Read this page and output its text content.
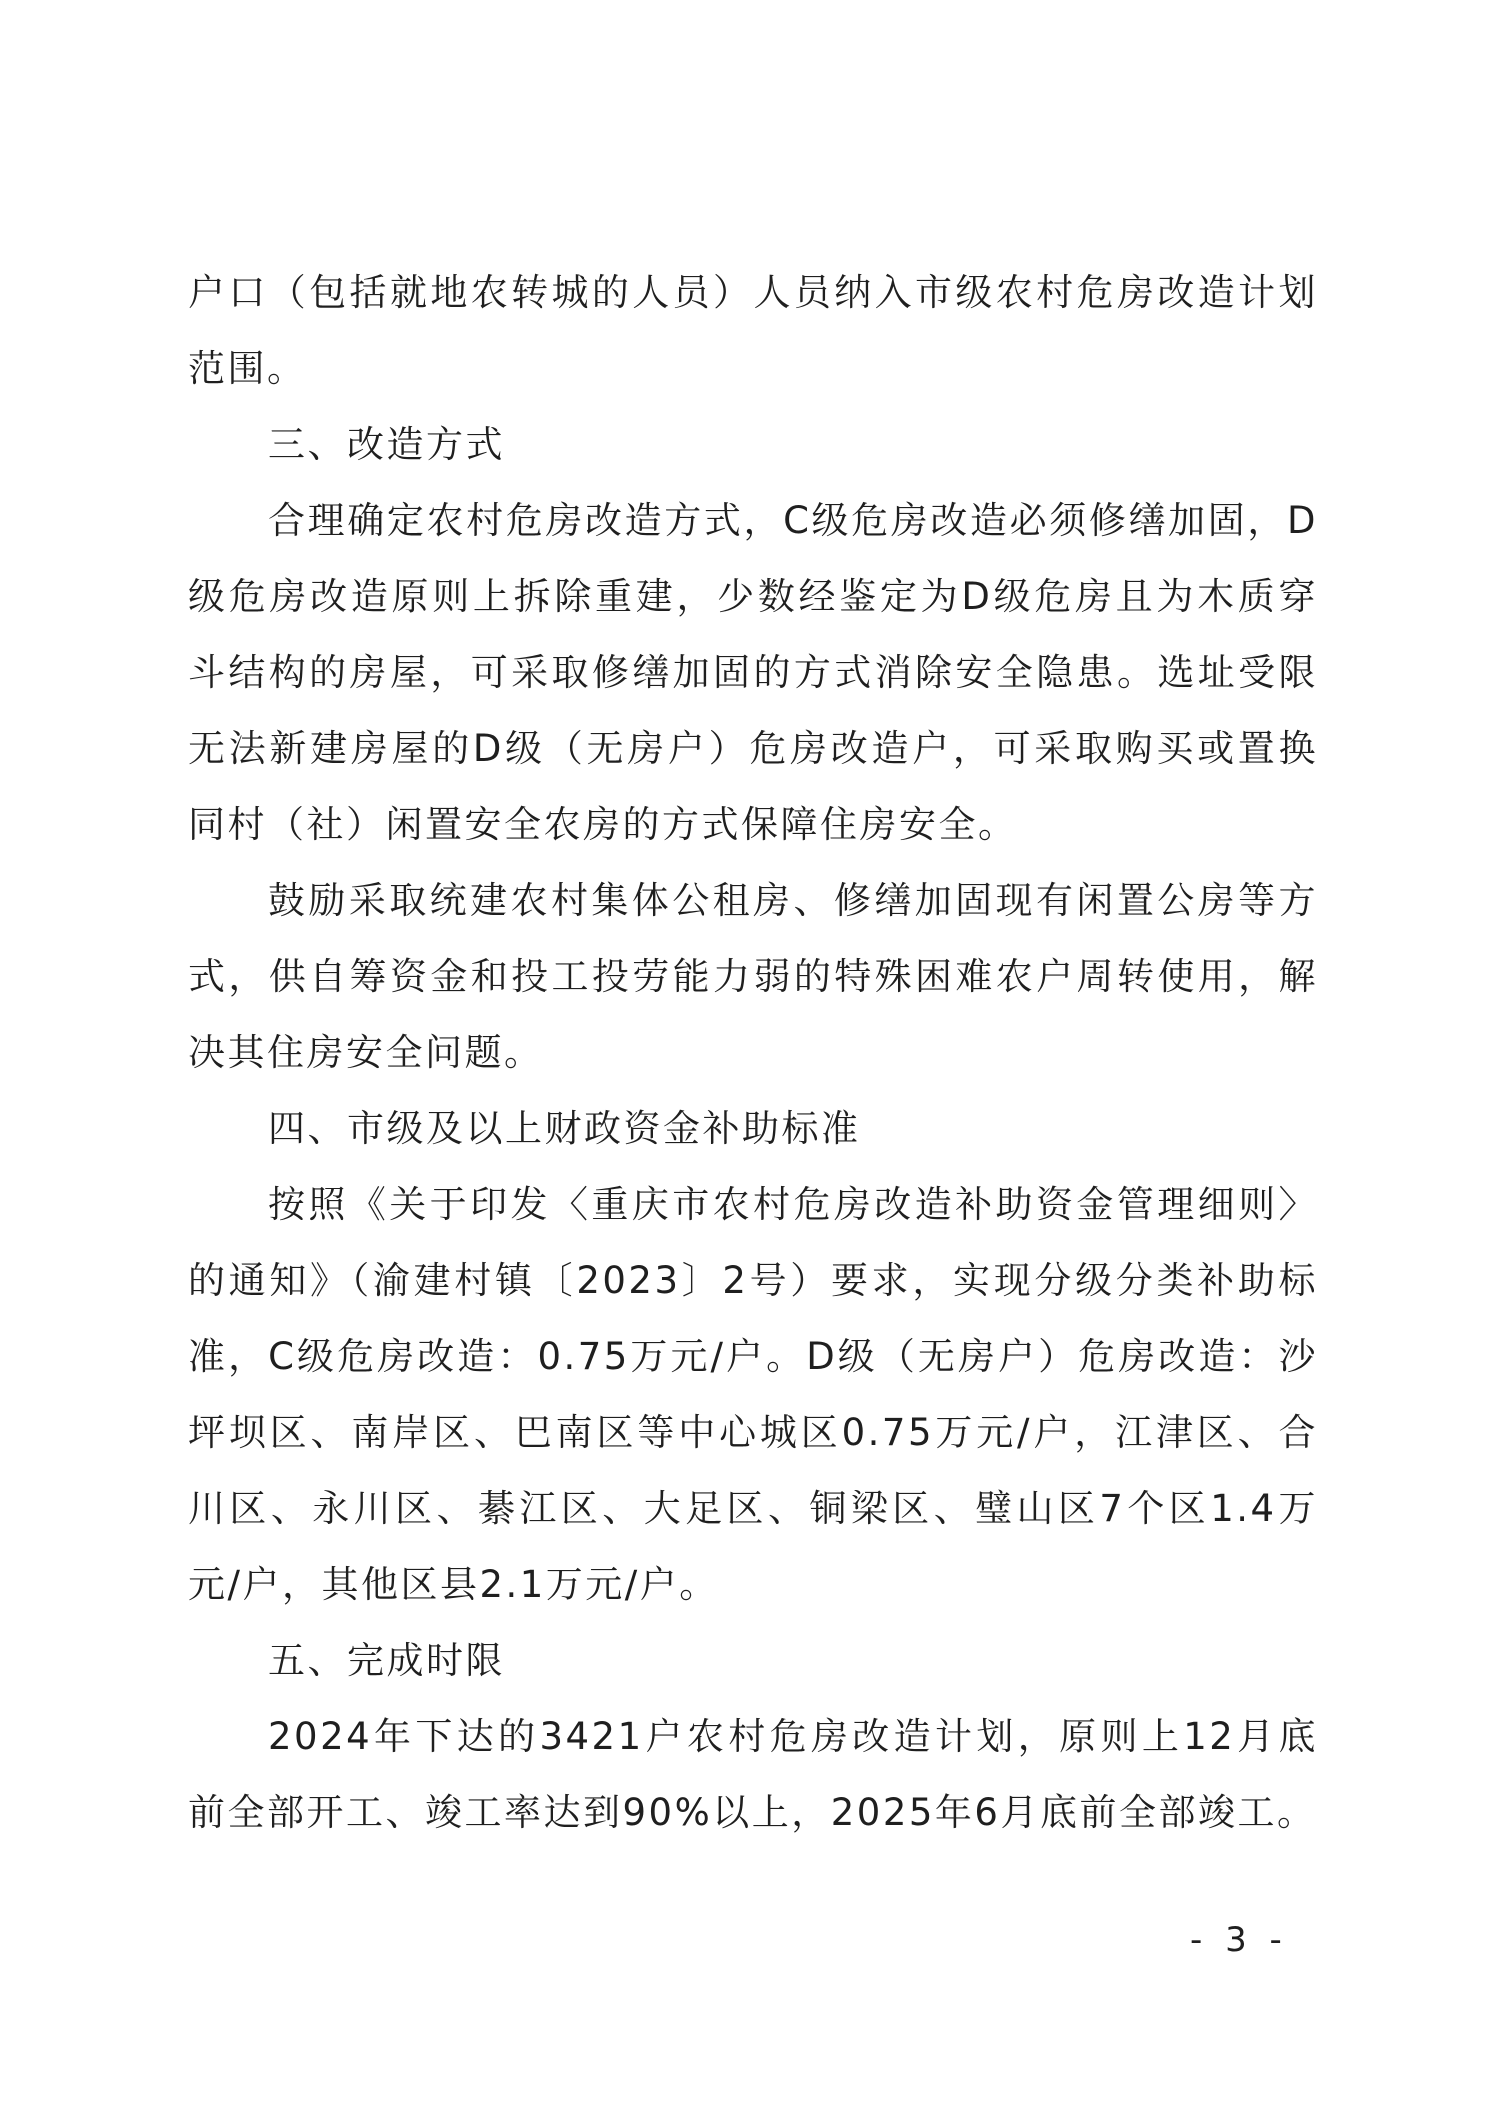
户口（包括就地农转城的人员）人员纳入市级农村危房改造计划范围。

三、改造方式

合理确定农村危房改造方式，C级危房改造必须修缮加固，D级危房改造原则上拆除重建，少数经鉴定为D级危房且为木质穿斗结构的房屋，可采取修缮加固的方式消除安全隐患。选址受限无法新建房屋的D级（无房户）危房改造户，可采取购买或置换同村（社）闲置安全农房的方式保障住房安全。

鼓励采取统建农村集体公租房、修缮加固现有闲置公房等方式，供自筹资金和投工投劳能力弱的特殊困难农户周转使用，解决其住房安全问题。

四、市级及以上财政资金补助标准

按照《关于印发〈重庆市农村危房改造补助资金管理细则〉的通知》（渝建村镇〔2023〕2号）要求，实现分级分类补助标准，C级危房改造：0.75万元/户。D级（无房户）危房改造：沙坪坝区、南岸区、巴南区等中心城区0.75万元/户，江津区、合川区、永川区、綦江区、大足区、铜梁区、璧山区7个区1.4万元/户，其他区县2.1万元/户。

五、完成时限

2024年下达的3421户农村危房改造计划，原则上12月底前全部开工、竣工率达到90%以上，2025年6月底前全部竣工。

- 3 -
